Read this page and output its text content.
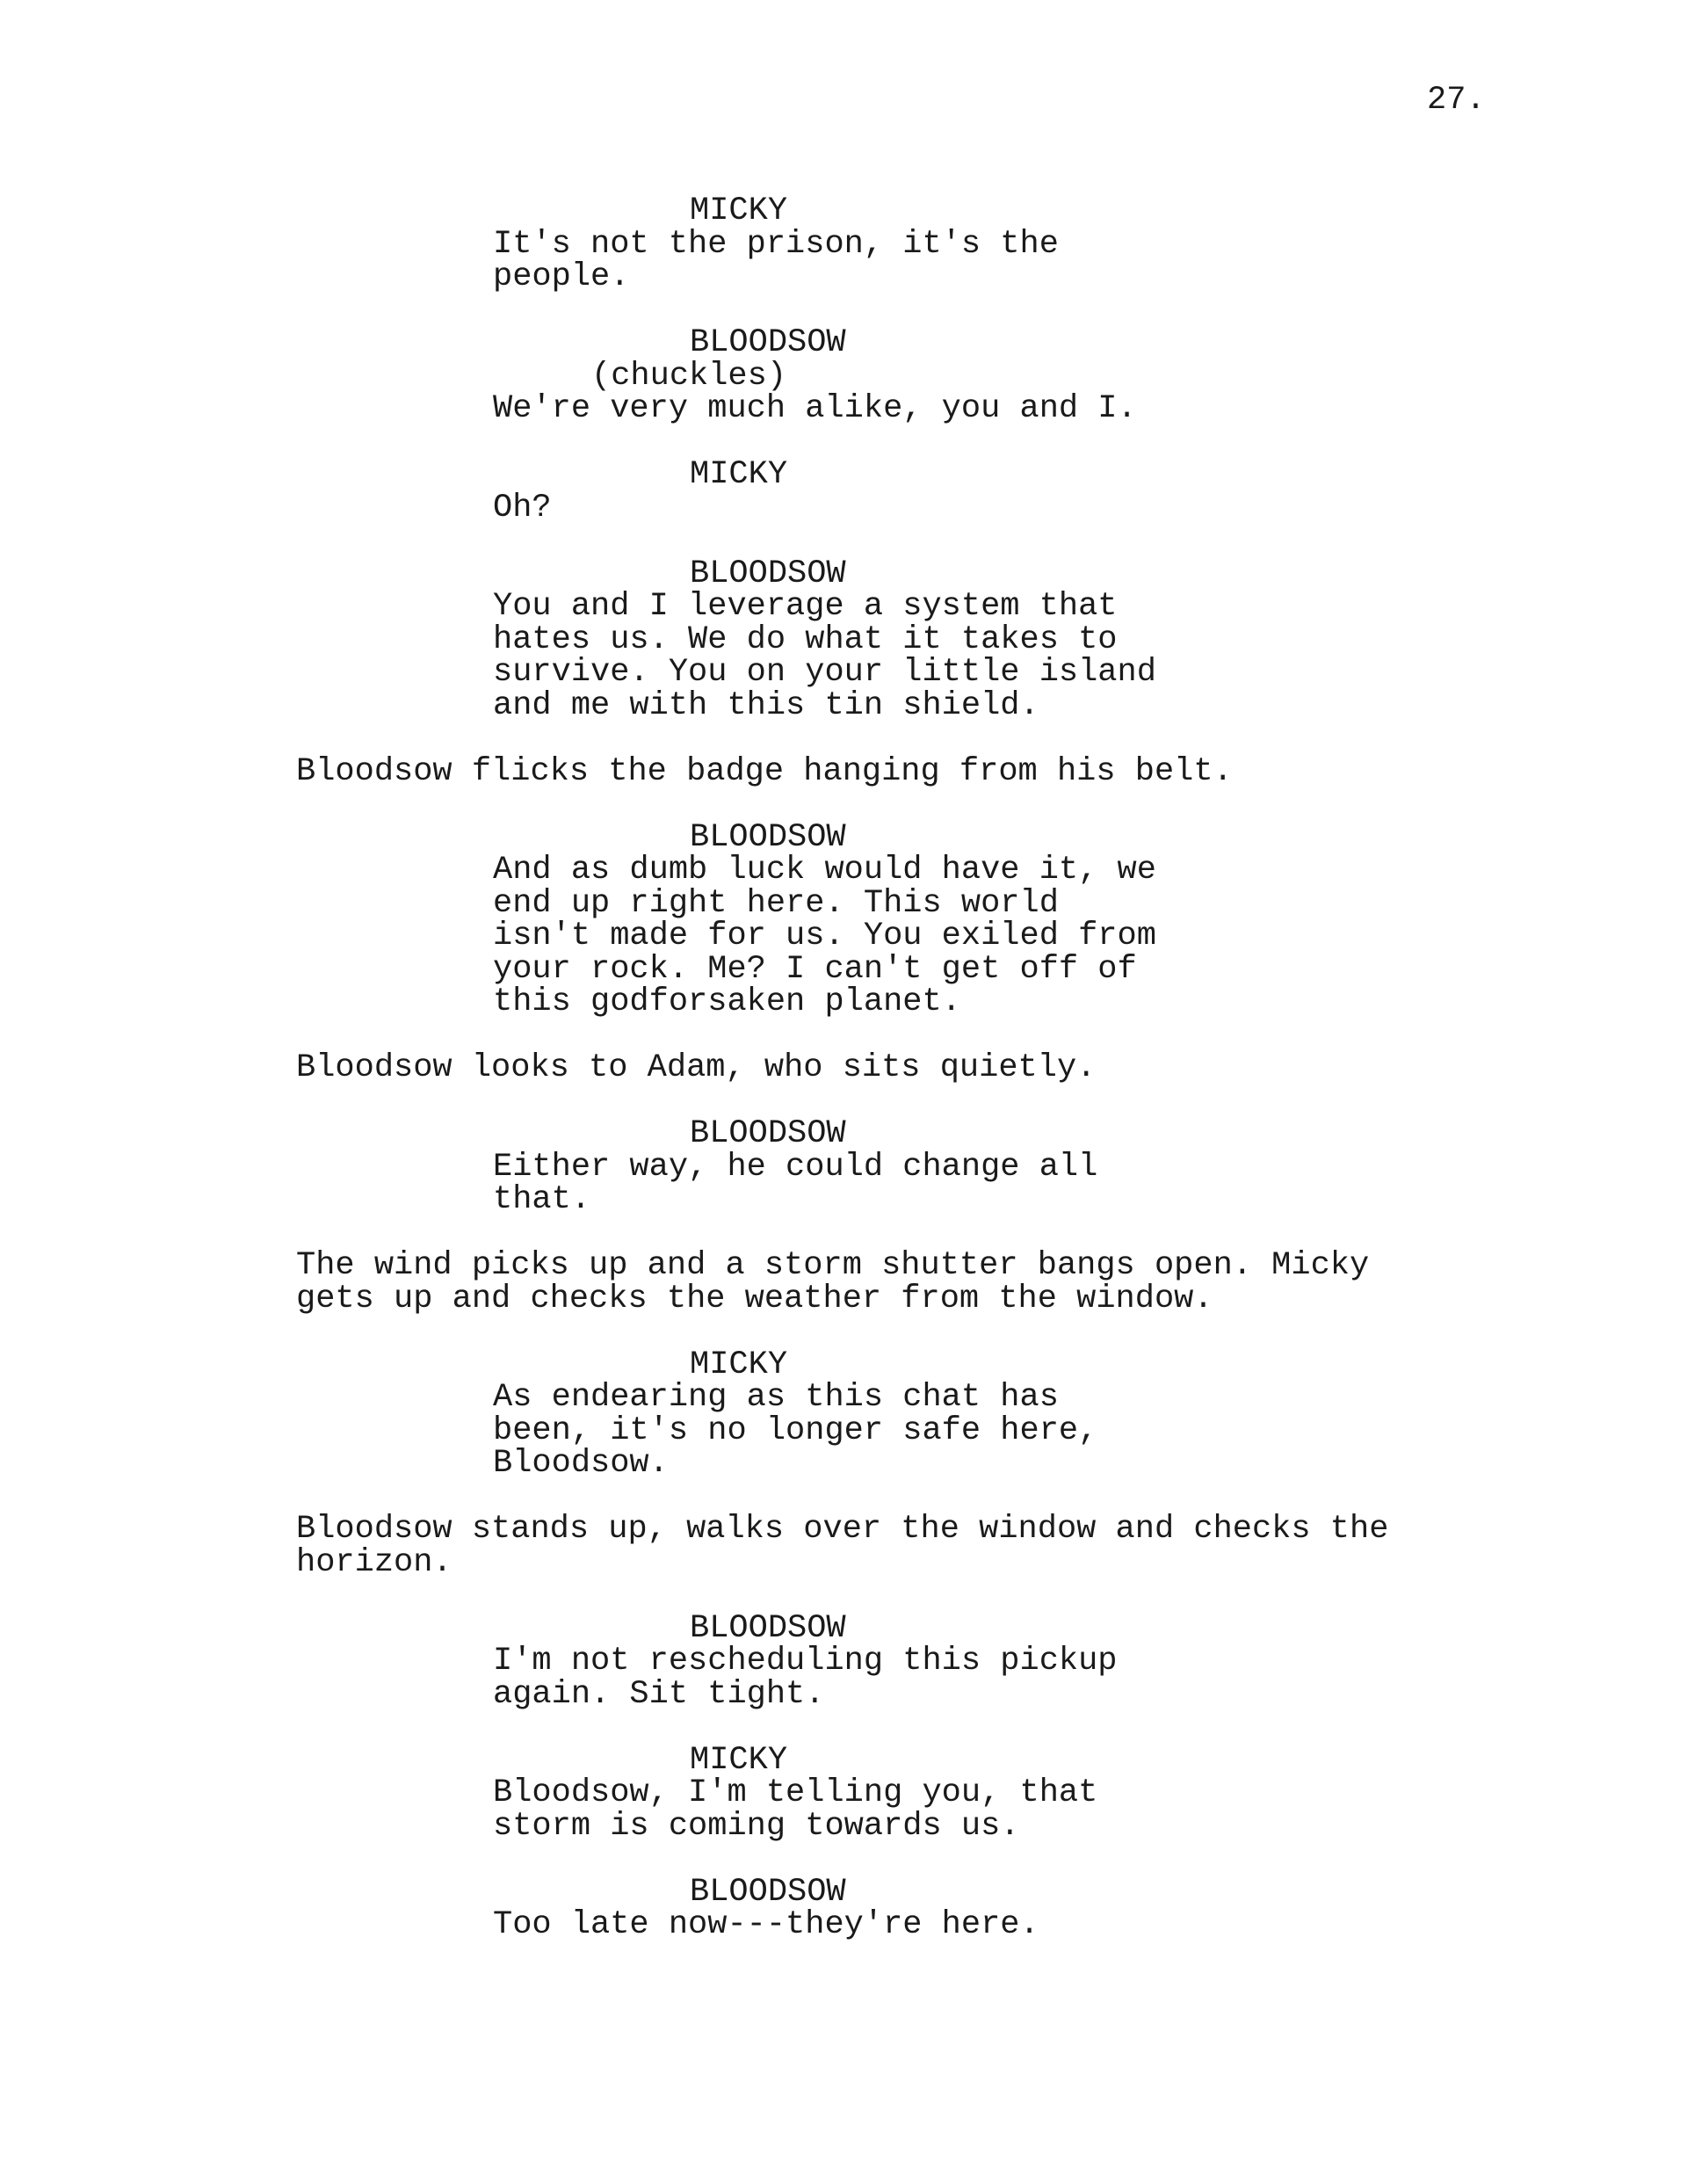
27.
MICKY
It's not the prison, it's the
people.
BLOODSOW
(chuckles)
We're very much alike, you and I.
MICKY
Oh?
BLOODSOW
You and I leverage a system that
hates us. We do what it takes to
survive. You on your little island
and me with this tin shield.
Bloodsow flicks the badge hanging from his belt.
BLOODSOW
And as dumb luck would have it, we
end up right here. This world
isn't made for us. You exiled from
your rock. Me? I can't get off of
this godforsaken planet.
Bloodsow looks to Adam, who sits quietly.
BLOODSOW
Either way, he could change all
that.
The wind picks up and a storm shutter bangs open. Micky
gets up and checks the weather from the window.
MICKY
As endearing as this chat has
been, it's no longer safe here,
Bloodsow.
Bloodsow stands up, walks over the window and checks the
horizon.
BLOODSOW
I'm not rescheduling this pickup
again. Sit tight.
MICKY
Bloodsow, I'm telling you, that
storm is coming towards us.
BLOODSOW
Too late now---they're here.
